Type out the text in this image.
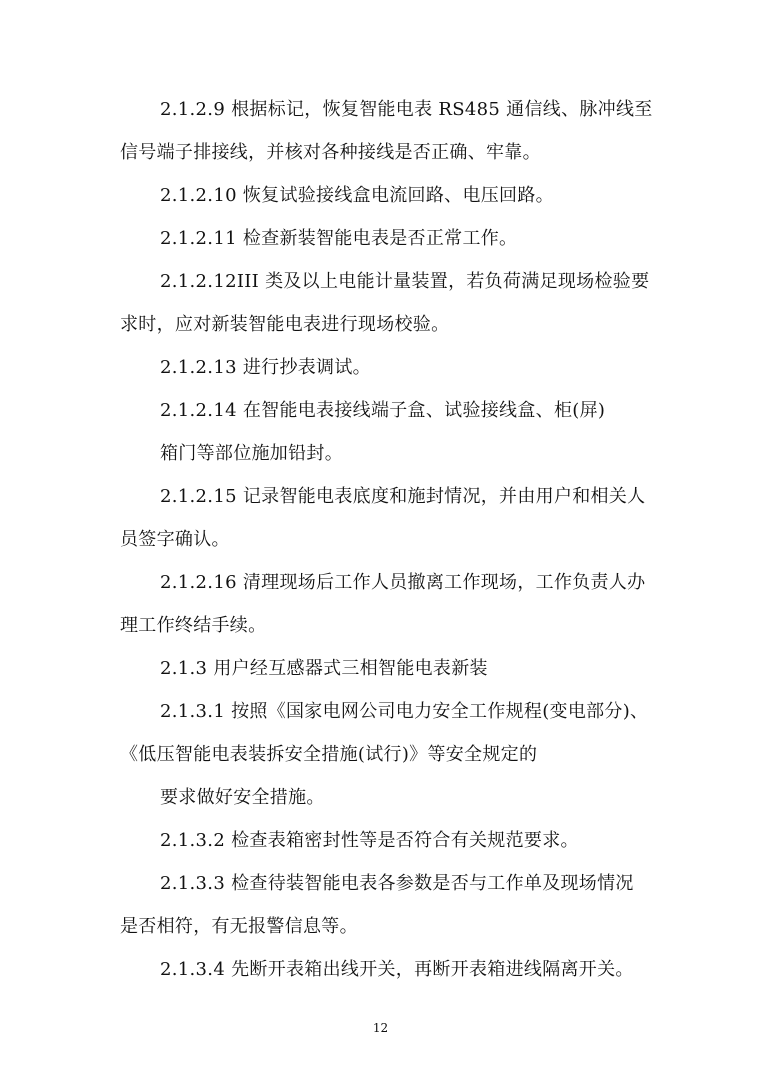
2.1.2.9 根据标记，恢复智能电表 RS485 通信线、脉冲线至
信号端子排接线，并核对各种接线是否正确、牢靠。
2.1.2.10 恢复试验接线盒电流回路、电压回路。
2.1.2.11 检查新装智能电表是否正常工作。
2.1.2.12III 类及以上电能计量装置，若负荷满足现场检验要
求时，应对新装智能电表进行现场校验。
2.1.2.13 进行抄表调试。
2.1.2.14 在智能电表接线端子盒、试验接线盒、柜(屏)
箱门等部位施加铅封。
2.1.2.15 记录智能电表底度和施封情况，并由用户和相关人
员签字确认。
2.1.2.16 清理现场后工作人员撤离工作现场，工作负责人办
理工作终结手续。
2.1.3 用户经互感器式三相智能电表新装
2.1.3.1 按照《国家电网公司电力安全工作规程(变电部分)、
《低压智能电表装拆安全措施(试行)》等安全规定的
要求做好安全措施。
2.1.3.2 检查表箱密封性等是否符合有关规范要求。
2.1.3.3 检查待装智能电表各参数是否与工作单及现场情况
是否相符，有无报警信息等。
2.1.3.4 先断开表箱出线开关，再断开表箱进线隔离开关。
12
